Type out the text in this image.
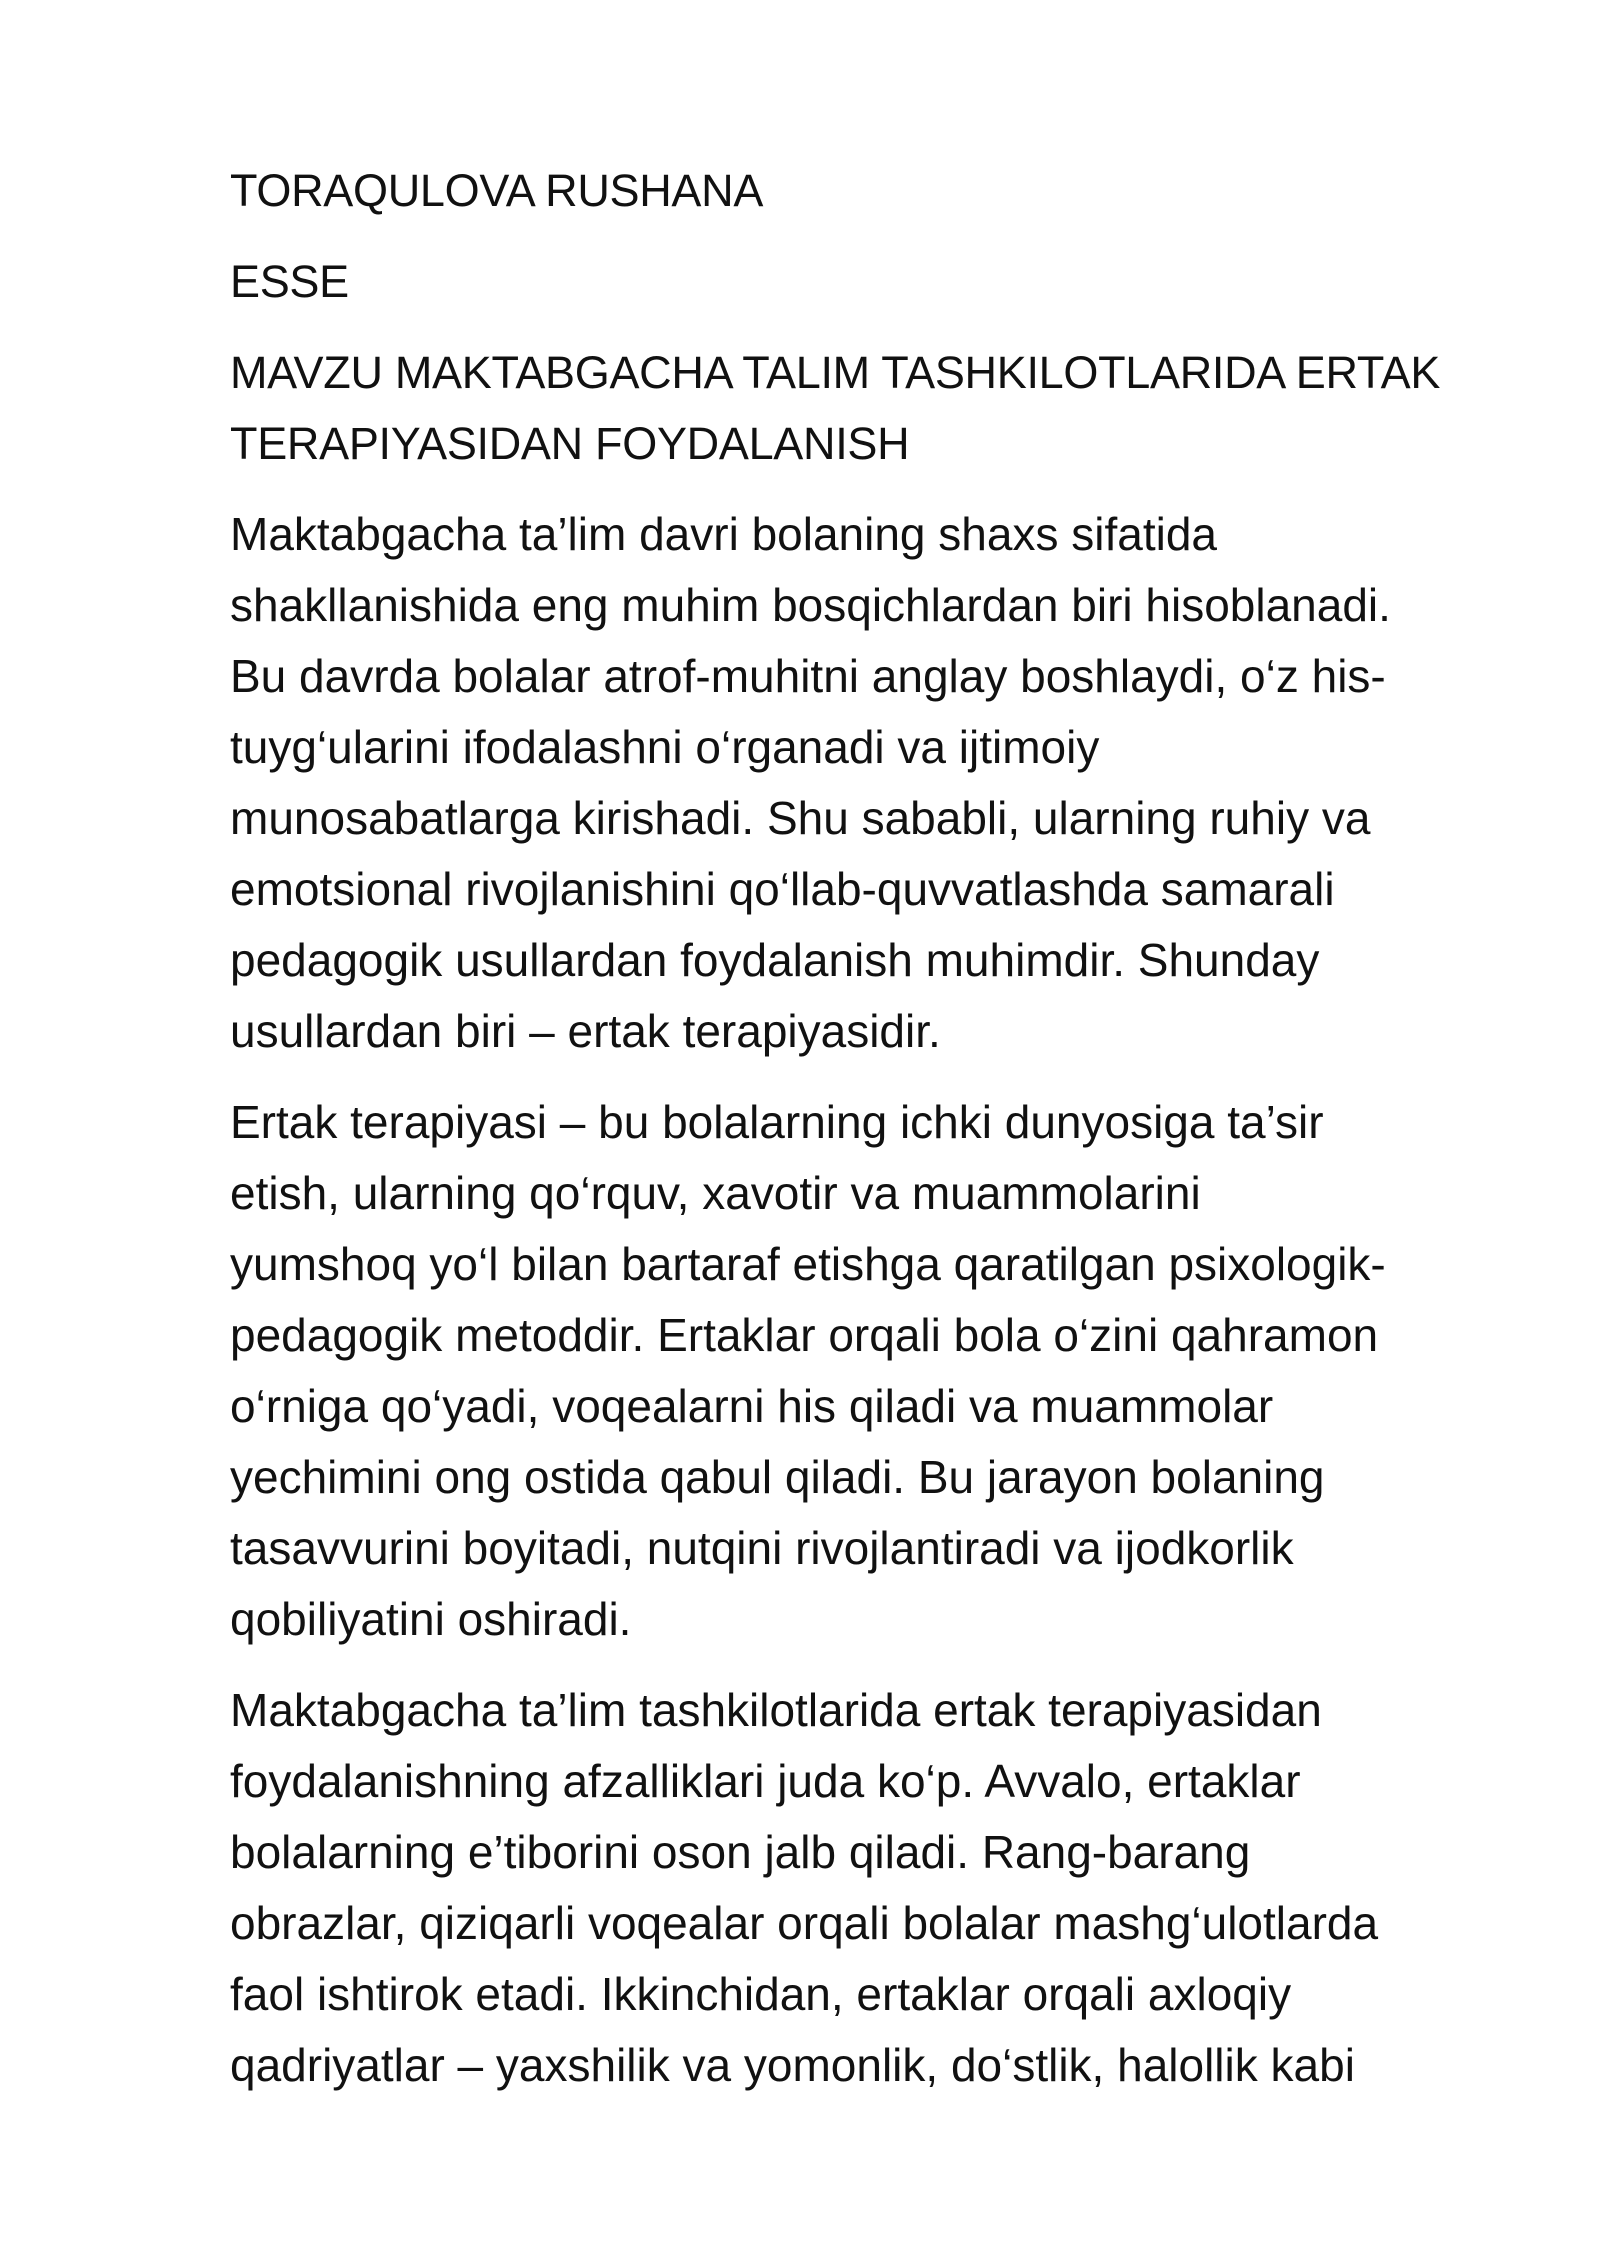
TORAQULOVA RUSHANA
ESSE
MAVZU MAKTABGACHA TALIM TASHKILOTLARIDA ERTAK
TERAPIYASIDAN FOYDALANISH
Maktabgacha ta’lim davri bolaning shaxs sifatida
shakllanishida eng muhim bosqichlardan biri hisoblanadi.
Bu davrda bolalar atrof-muhitni anglay boshlaydi, o‘z his-
tuyg‘ularini ifodalashni o‘rganadi va ijtimoiy
munosabatlarga kirishadi. Shu sababli, ularning ruhiy va
emotsional rivojlanishini qo‘llab-quvvatlashda samarali
pedagogik usullardan foydalanish muhimdir. Shunday
usullardan biri – ertak terapiyasidir.
Ertak terapiyasi – bu bolalarning ichki dunyosiga ta’sir
etish, ularning qo‘rquv, xavotir va muammolarini
yumshoq yo‘l bilan bartaraf etishga qaratilgan psixologik-
pedagogik metoddir. Ertaklar orqali bola o‘zini qahramon
o‘rniga qo‘yadi, voqealarni his qiladi va muammolar
yechimini ong ostida qabul qiladi. Bu jarayon bolaning
tasavvurini boyitadi, nutqini rivojlantiradi va ijodkorlik
qobiliyatini oshiradi.
Maktabgacha ta’lim tashkilotlarida ertak terapiyasidan
foydalanishning afzalliklari juda ko‘p. Avvalo, ertaklar
bolalarning e’tiborini oson jalb qiladi. Rang-barang
obrazlar, qiziqarli voqealar orqali bolalar mashg‘ulotlarda
faol ishtirok etadi. Ikkinchidan, ertaklar orqali axloqiy
qadriyatlar – yaxshilik va yomonlik, do‘stlik, halollik kabi
